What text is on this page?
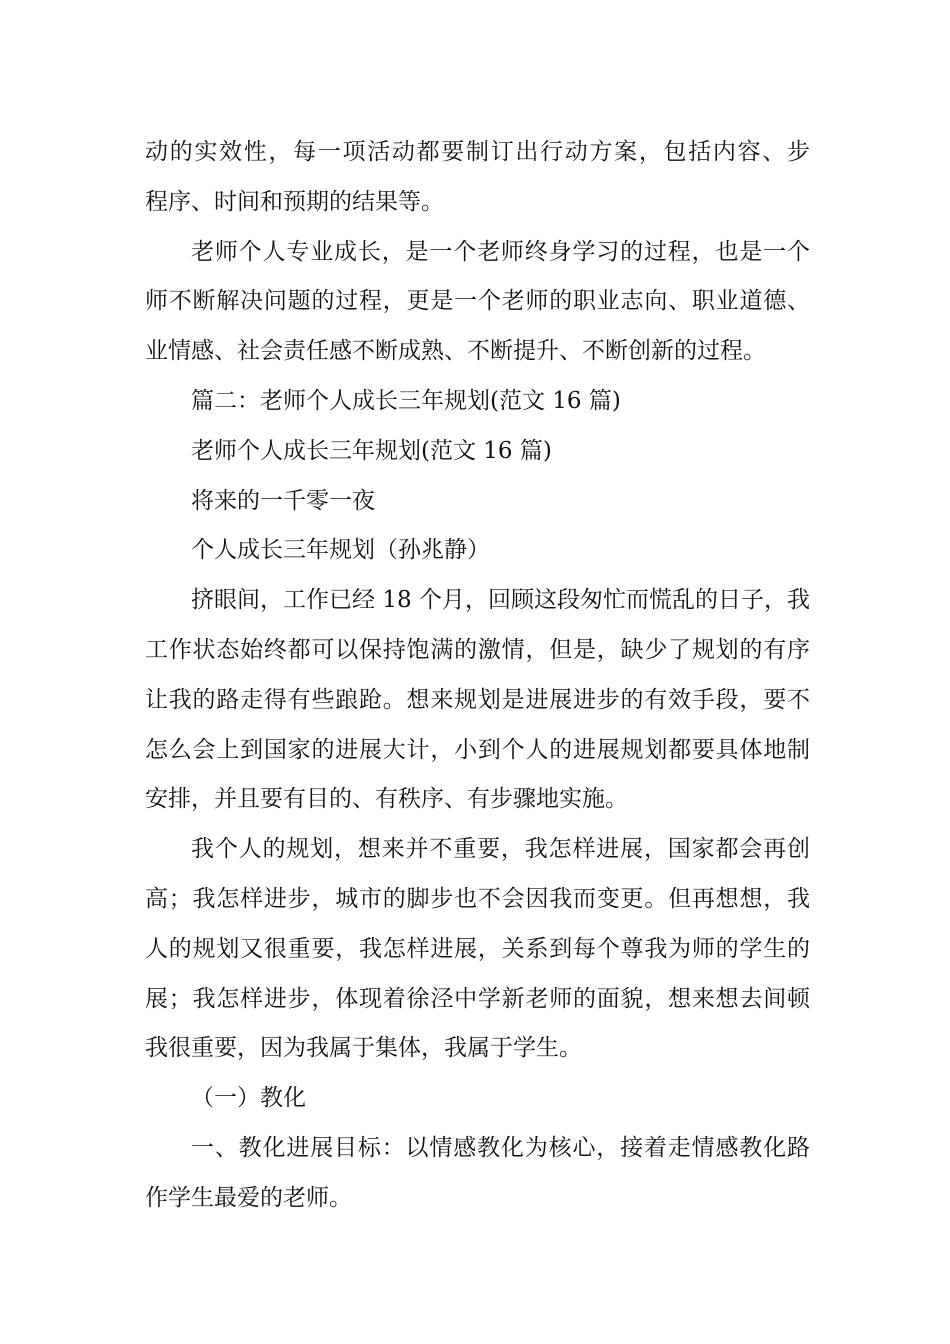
动的实效性，每一项活动都要制订出行动方案，包括内容、步
程序、时间和预期的结果等。
老师个人专业成长，是一个老师终身学习的过程，也是一个
师不断解决问题的过程，更是一个老师的职业志向、职业道德、
业情感、社会责任感不断成熟、不断提升、不断创新的过程。
篇二：老师个人成长三年规划(范文 16 篇)
老师个人成长三年规划(范文 16 篇)
将来的一千零一夜
个人成长三年规划（孙兆静）
挤眼间，工作已经 18 个月，回顾这段匆忙而慌乱的日子，我
工作状态始终都可以保持饱满的激情，但是，缺少了规划的有序
让我的路走得有些踉跄。想来规划是进展进步的有效手段，要不
怎么会上到国家的进展大计，小到个人的进展规划都要具体地制
安排，并且要有目的、有秩序、有步骤地实施。
我个人的规划，想来并不重要，我怎样进展，国家都会再创
高；我怎样进步，城市的脚步也不会因我而变更。但再想想，我
人的规划又很重要，我怎样进展，关系到每个尊我为师的学生的
展；我怎样进步，体现着徐泾中学新老师的面貌，想来想去间顿
我很重要，因为我属于集体，我属于学生。
（一）教化
一、教化进展目标：以情感教化为核心，接着走情感教化路
作学生最爱的老师。
